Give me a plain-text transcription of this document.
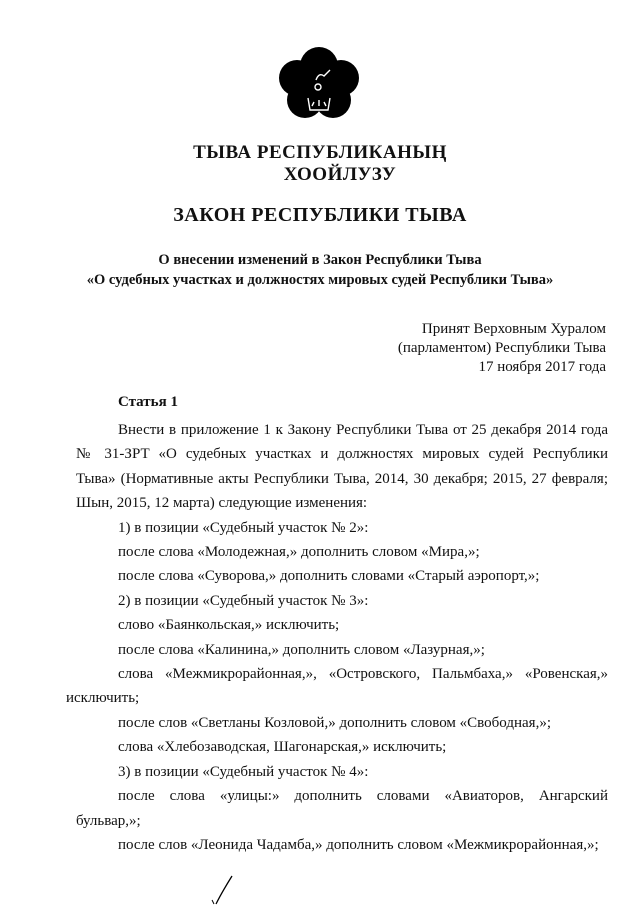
ТЫВА РЕСПУБЛИКАНЫҢ
ХООЙЛУЗУ
ЗАКОН РЕСПУБЛИКИ ТЫВА
О внесении изменений в Закон Республики Тыва
«О судебных участках и должностях мировых судей Республики Тыва»
Принят Верховным Хуралом
(парламентом) Республики Тыва
17 ноября 2017 года
Статья 1

Внести в приложение 1 к Закону Республики Тыва от 25 декабря 2014 года

№ 31-ЗРТ «О судебных участках и должностях мировых судей Республики

Тыва» (Нормативные акты Республики Тыва, 2014, 30 декабря; 2015, 27 февраля;

Шын, 2015, 12 марта) следующие изменения:

1) в позиции «Судебный участок № 2»:

после слова «Молодежная,» дополнить словом «Мира,»;

после слова «Суворова,» дополнить словами «Старый аэропорт,»;

2) в позиции «Судебный участок № 3»:

слово «Баянкольская,» исключить;

после слова «Калинина,» дополнить словом «Лазурная,»;

слова «Межмикрорайонная,», «Островского, Пальмбаха,» «Ровенская,»

исключить;

после слов «Светланы Козловой,» дополнить словом «Свободная,»;

слова «Хлебозаводская, Шагонарская,» исключить;

3) в позиции «Судебный участок № 4»:

после слова «улицы:» дополнить словами «Авиаторов, Ангарский

бульвар,»;

после слов «Леонида Чадамба,» дополнить словом «Межмикрорайонная,»;
